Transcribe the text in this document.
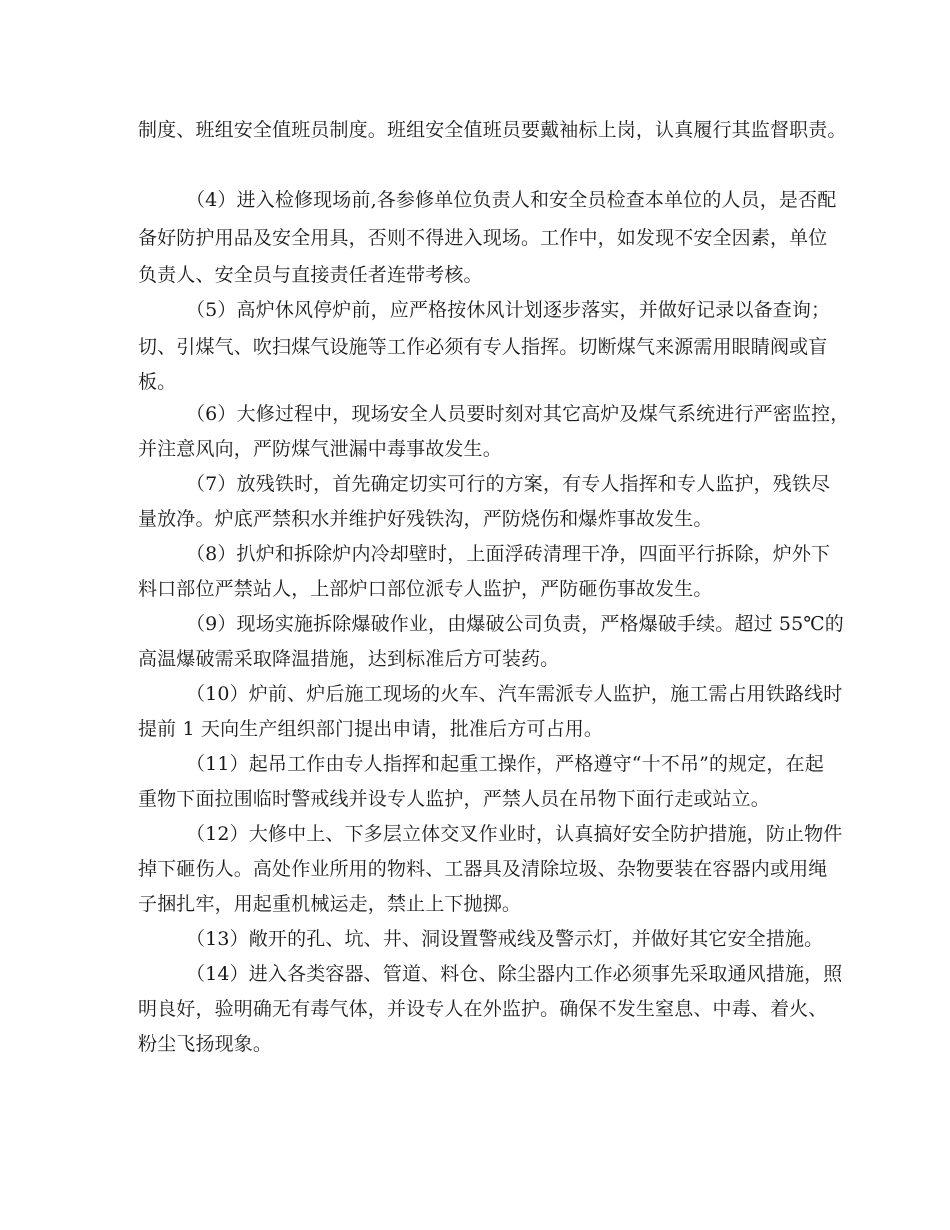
制度、班组安全值班员制度。班组安全值班员要戴袖标上岗，认真履行其监督职责。
（4）进入检修现场前,各参修单位负责人和安全员检查本单位的人员，是否配
备好防护用品及安全用具，否则不得进入现场。工作中，如发现不安全因素，单位
负责人、安全员与直接责任者连带考核。
（5）高炉休风停炉前，应严格按休风计划逐步落实，并做好记录以备查询；
切、引煤气、吹扫煤气设施等工作必须有专人指挥。切断煤气来源需用眼睛阀或盲
板。
（6）大修过程中，现场安全人员要时刻对其它高炉及煤气系统进行严密监控，
并注意风向，严防煤气泄漏中毒事故发生。
（7）放残铁时，首先确定切实可行的方案，有专人指挥和专人监护，残铁尽
量放净。炉底严禁积水并维护好残铁沟，严防烧伤和爆炸事故发生。
（8）扒炉和拆除炉内冷却壁时，上面浮砖清理干净，四面平行拆除，炉外下
料口部位严禁站人，上部炉口部位派专人监护，严防砸伤事故发生。
（9）现场实施拆除爆破作业，由爆破公司负责，严格爆破手续。超过 55℃的
高温爆破需采取降温措施，达到标准后方可装药。
（10）炉前、炉后施工现场的火车、汽车需派专人监护，施工需占用铁路线时
提前 1 天向生产组织部门提出申请，批准后方可占用。
（11）起吊工作由专人指挥和起重工操作，严格遵守“十不吊”的规定，在起
重物下面拉围临时警戒线并设专人监护，严禁人员在吊物下面行走或站立。
（12）大修中上、下多层立体交叉作业时，认真搞好安全防护措施，防止物件
掉下砸伤人。高处作业所用的物料、工器具及清除垃圾、杂物要装在容器内或用绳
子捆扎牢，用起重机械运走，禁止上下抛掷。
（13）敞开的孔、坑、井、洞设置警戒线及警示灯，并做好其它安全措施。
（14）进入各类容器、管道、料仓、除尘器内工作必须事先采取通风措施，照
明良好，验明确无有毒气体，并设专人在外监护。确保不发生窒息、中毒、着火、
粉尘飞扬现象。
